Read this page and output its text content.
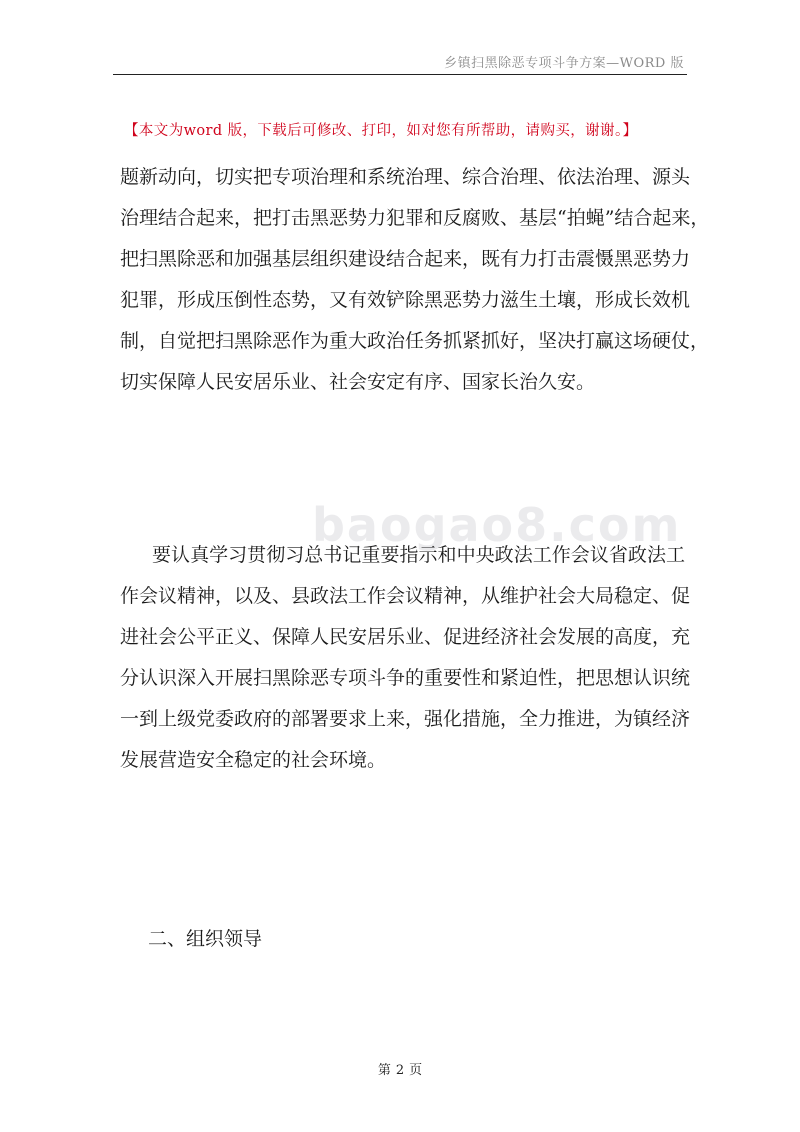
乡镇扫黑除恶专项斗争方案—WORD 版
【本文为word 版，下载后可修改、打印，如对您有所帮助，请购买，谢谢。】
题新动向，切实把专项治理和系统治理、综合治理、依法治理、源头
治理结合起来，把打击黑恶势力犯罪和反腐败、基层“拍蝇”结合起来，
把扫黑除恶和加强基层组织建设结合起来，既有力打击震慑黑恶势力
犯罪，形成压倒性态势，又有效铲除黑恶势力滋生土壤，形成长效机
制，自觉把扫黑除恶作为重大政治任务抓紧抓好，坚决打赢这场硬仗，
切实保障人民安居乐业、社会安定有序、国家长治久安。
baogao8.com
要认真学习贯彻习总书记重要指示和中央政法工作会议省政法工
作会议精神，以及、县政法工作会议精神，从维护社会大局稳定、促
进社会公平正义、保障人民安居乐业、促进经济社会发展的高度，充
分认识深入开展扫黑除恶专项斗争的重要性和紧迫性，把思想认识统
一到上级党委政府的部署要求上来，强化措施，全力推进，为镇经济
发展营造安全稳定的社会环境。
二、组织领导
第 2 页
